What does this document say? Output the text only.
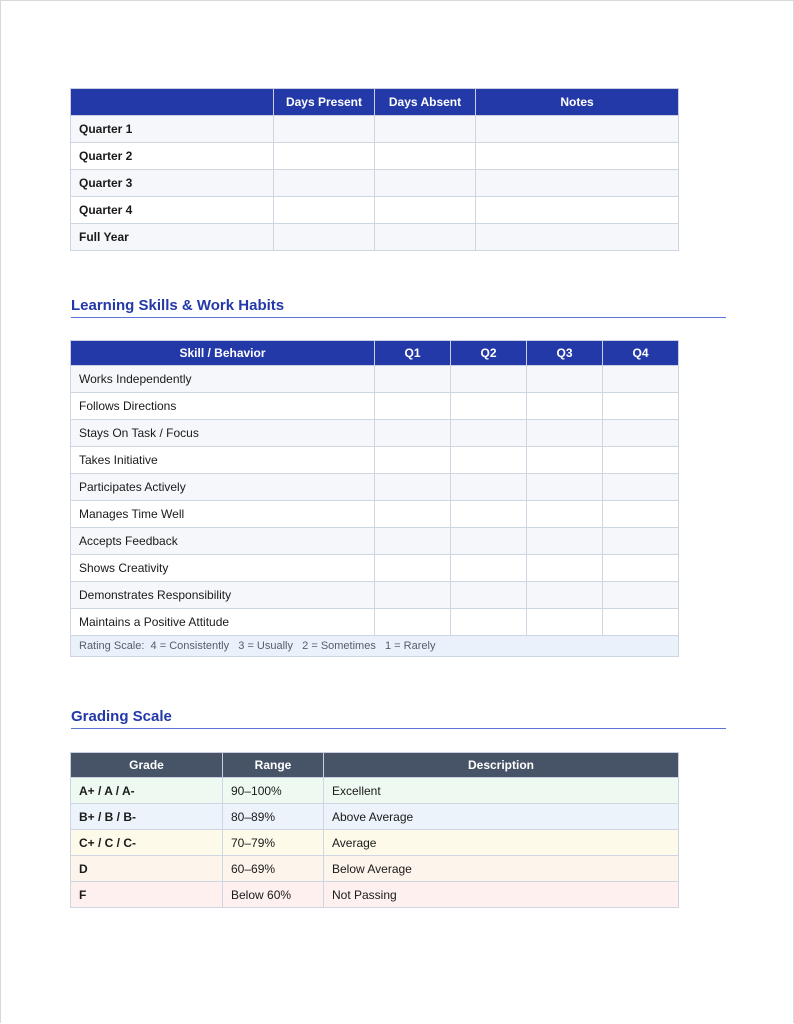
	Days Present	Days Absent	Notes
Quarter 1			
Quarter 2			
Quarter 3			
Quarter 4			
Full Year			
Learning Skills & Work Habits
Skill / Behavior	Q1	Q2	Q3	Q4
Works Independently				
Follows Directions				
Stays On Task / Focus				
Takes Initiative				
Participates Actively				
Manages Time Well				
Accepts Feedback				
Shows Creativity				
Demonstrates Responsibility				
Maintains a Positive Attitude				
Rating Scale:  4 = Consistently   3 = Usually   2 = Sometimes   1 = Rarely				
Grading Scale
Grade	Range	Description
A+ / A / A-	90–100%	Excellent
B+ / B / B-	80–89%	Above Average
C+ / C / C-	70–79%	Average
D	60–69%	Below Average
F	Below 60%	Not Passing
